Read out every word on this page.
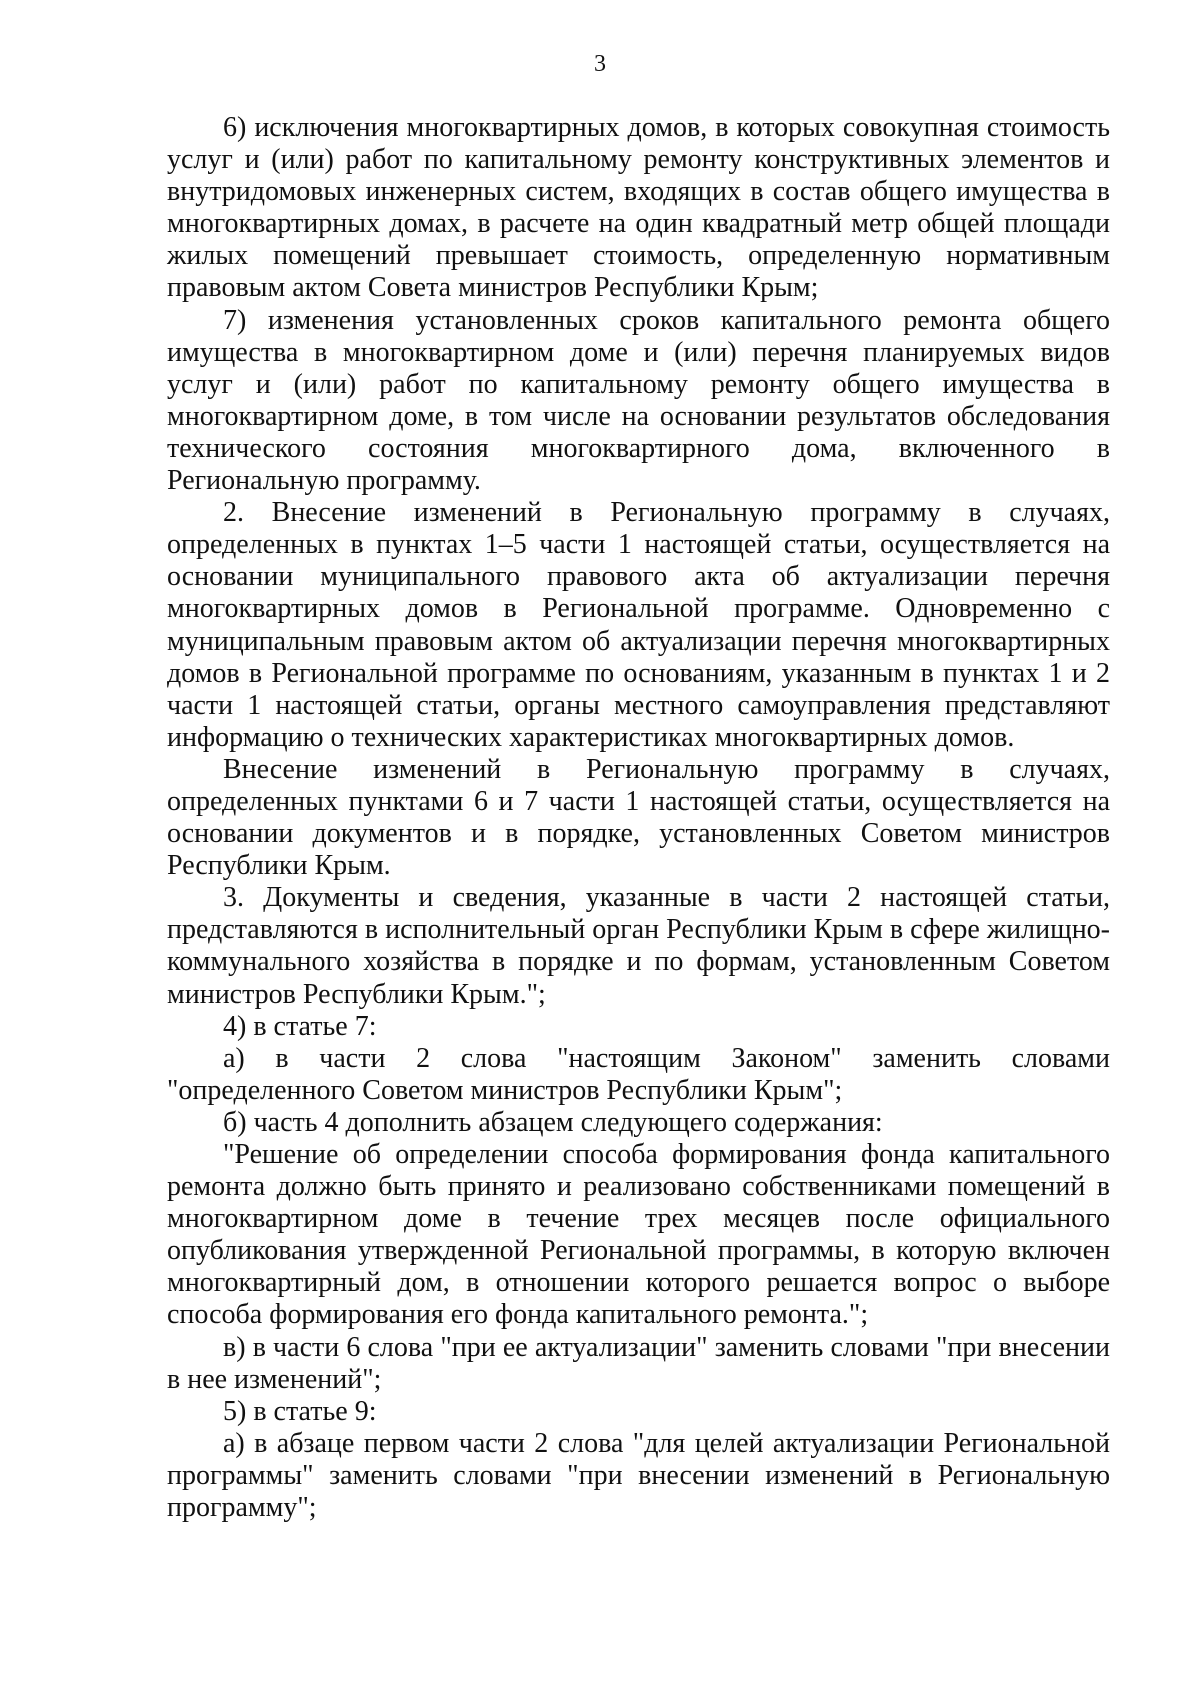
3

6) исключения многоквартирных домов, в которых совокупная стоимость услуг и (или) работ по капитальному ремонту конструктивных элементов и внутридомовых инженерных систем, входящих в состав общего имущества в многоквартирных домах, в расчете на один квадратный метр общей площади жилых помещений превышает стоимость, определенную нормативным правовым актом Совета министров Республики Крым;

7) изменения установленных сроков капитального ремонта общего имущества в многоквартирном доме и (или) перечня планируемых видов услуг и (или) работ по капитальному ремонту общего имущества в многоквартирном доме, в том числе на основании результатов обследования технического состояния многоквартирного дома, включенного в Региональную программу.

2. Внесение изменений в Региональную программу в случаях, определенных в пунктах 1–5 части 1 настоящей статьи, осуществляется на основании муниципального правового акта об актуализации перечня многоквартирных домов в Региональной программе. Одновременно с муниципальным правовым актом об актуализации перечня многоквартирных домов в Региональной программе по основаниям, указанным в пунктах 1 и 2 части 1 настоящей статьи, органы местного самоуправления представляют информацию о технических характеристиках многоквартирных домов.

Внесение изменений в Региональную программу в случаях, определенных пунктами 6 и 7 части 1 настоящей статьи, осуществляется на основании документов и в порядке, установленных Советом министров Республики Крым.

3. Документы и сведения, указанные в части 2 настоящей статьи, представляются в исполнительный орган Республики Крым в сфере жилищно-коммунального хозяйства в порядке и по формам, установленным Советом министров Республики Крым.";

4) в статье 7:

а) в части 2 слова "настоящим Законом" заменить словами "определенного Советом министров Республики Крым";

б) часть 4 дополнить абзацем следующего содержания:

"Решение об определении способа формирования фонда капитального ремонта должно быть принято и реализовано собственниками помещений в многоквартирном доме в течение трех месяцев после официального опубликования утвержденной Региональной программы, в которую включен многоквартирный дом, в отношении которого решается вопрос о выборе способа формирования его фонда капитального ремонта.";

в) в части 6 слова "при ее актуализации" заменить словами "при внесении в нее изменений";

5) в статье 9:

а) в абзаце первом части 2 слова "для целей актуализации Региональной программы" заменить словами "при внесении изменений в Региональную программу";
